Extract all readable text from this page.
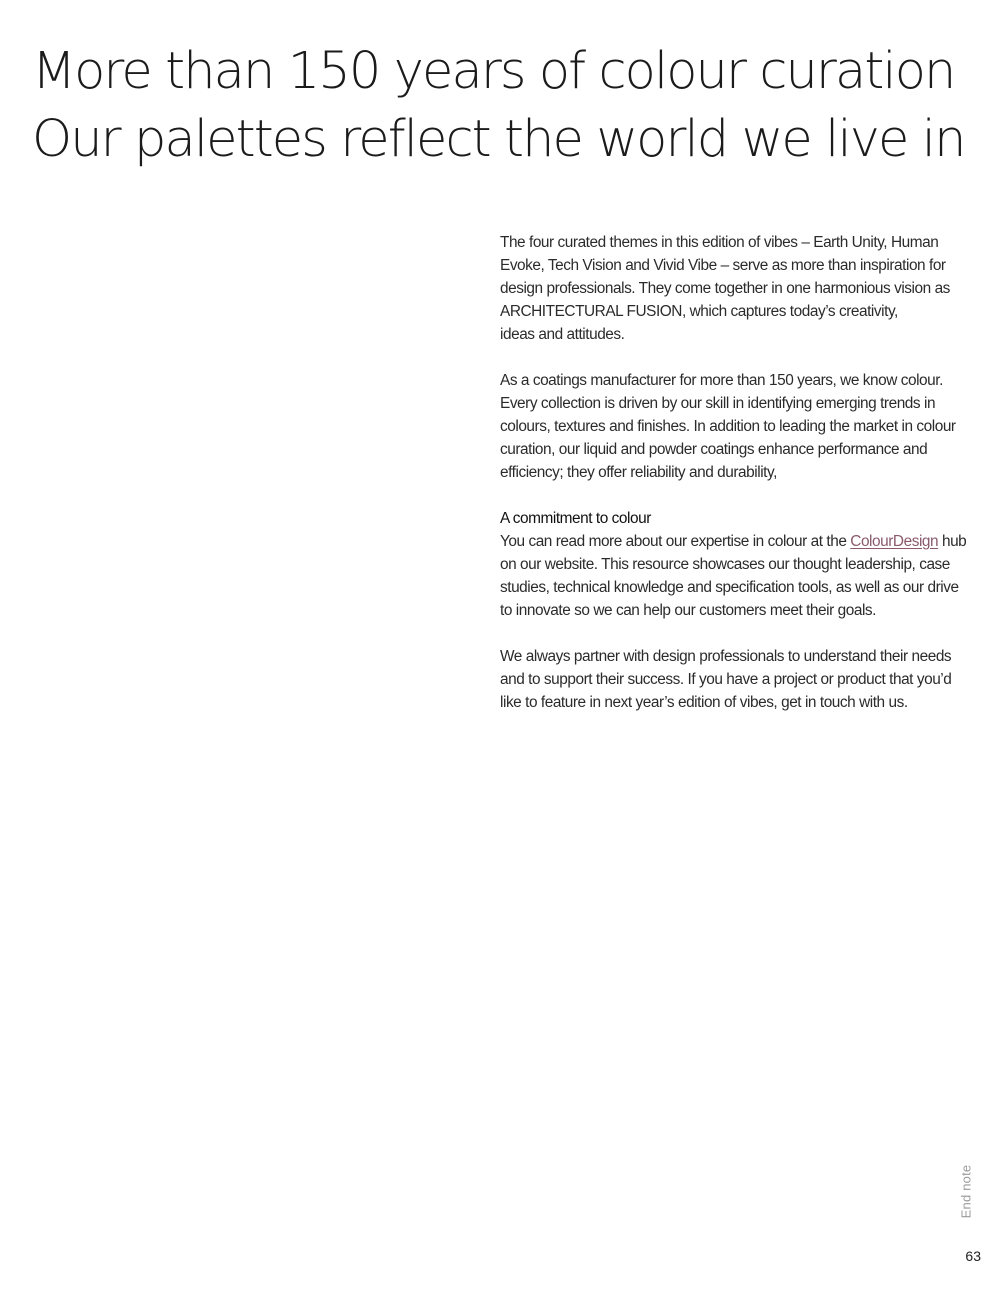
More than 150 years of colour curation
Our palettes reflect the world we live in

The four curated themes in this edition of vibes – Earth Unity, Human
Evoke, Tech Vision and Vivid Vibe – serve as more than inspiration for
design professionals. They come together in one harmonious vision as
ARCHITECTURAL FUSION, which captures today’s creativity,
ideas and attitudes.

As a coatings manufacturer for more than 150 years, we know colour.
Every collection is driven by our skill in identifying emerging trends in
colours, textures and finishes. In addition to leading the market in colour
curation, our liquid and powder coatings enhance performance and
efficiency; they offer reliability and durability,

A commitment to colour
You can read more about our expertise in colour at the ColourDesign hub
on our website. This resource showcases our thought leadership, case
studies, technical knowledge and specification tools, as well as our drive
to innovate so we can help our customers meet their goals.

We always partner with design professionals to understand their needs
and to support their success. If you have a project or product that you’d
like to feature in next year’s edition of vibes, get in touch with us.

End note
63
